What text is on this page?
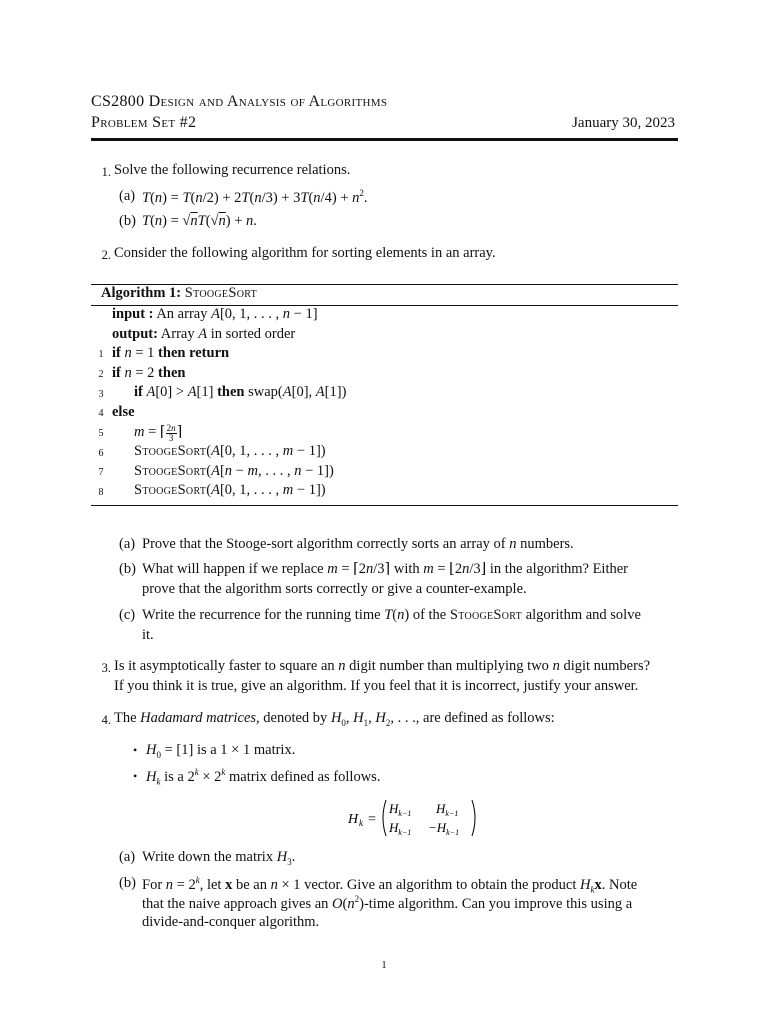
CS2800 Design and Analysis of Algorithms
Problem Set #2	January 30, 2023
1. Solve the following recurrence relations.
(a) $T(n) = T(n/2) + 2T(n/3) + 3T(n/4) + n^2$.
(b) T(n) = √nT(√n) + n.
2. Consider the following algorithm for sorting elements in an array.
Algorithm 1: StoogeSort
input : An array A[0, 1, . . . , n − 1]
output: Array A in sorted order
1 if n = 1 then return
2 if n = 2 then
3 if A[0] > A[1] then swap(A[0], A[1])
4 else
5 m = ⌈ $\frac{2n}{3}$ ⌉
6 StoogeSort(A[0, 1, . . . , m − 1])
7 StoogeSort(A[n − m, . . . , n − 1])
8 StoogeSort(A[0, 1, . . . , m − 1])
(a) Prove that the Stooge-sort algorithm correctly sorts an array of n numbers.
(b) What will happen if we replace m = ⌈2n/3⌉ with m = ⌊2n/3⌋ in the algorithm? Either
prove that the algorithm sorts correctly or give a counter-example.
(c) Write the recurrence for the running time T(n) of the StoogeSort algorithm and solve
it.
3. Is it asymptotically faster to square an n digit number than multiplying two n digit numbers?
If you think it is true, give an algorithm. If you feel that it is incorrect, justify your answer.
4. The Hadamard matrices, denoted by $H_0$, $H_1$, $H_2$, . . ., are defined as follows:
• $H_0 = [1]$ is a 1 × 1 matrix.
• $H_k$ is a $2^k \times 2^k$ matrix defined as follows.
H k =
$H_{k-1}$ $H_{k-1}$
$H_{k-1} -H_{k-1}$
(a) Write down the matrix $H_3$.
(b) For $n = 2^k$, let x be an n × 1 vector. Give an algorithm to obtain the product $H_kx$. Note
that the naive approach gives an $O(n^2)$-time algorithm. Can you improve this using a
divide-and-conquer algorithm.
1
